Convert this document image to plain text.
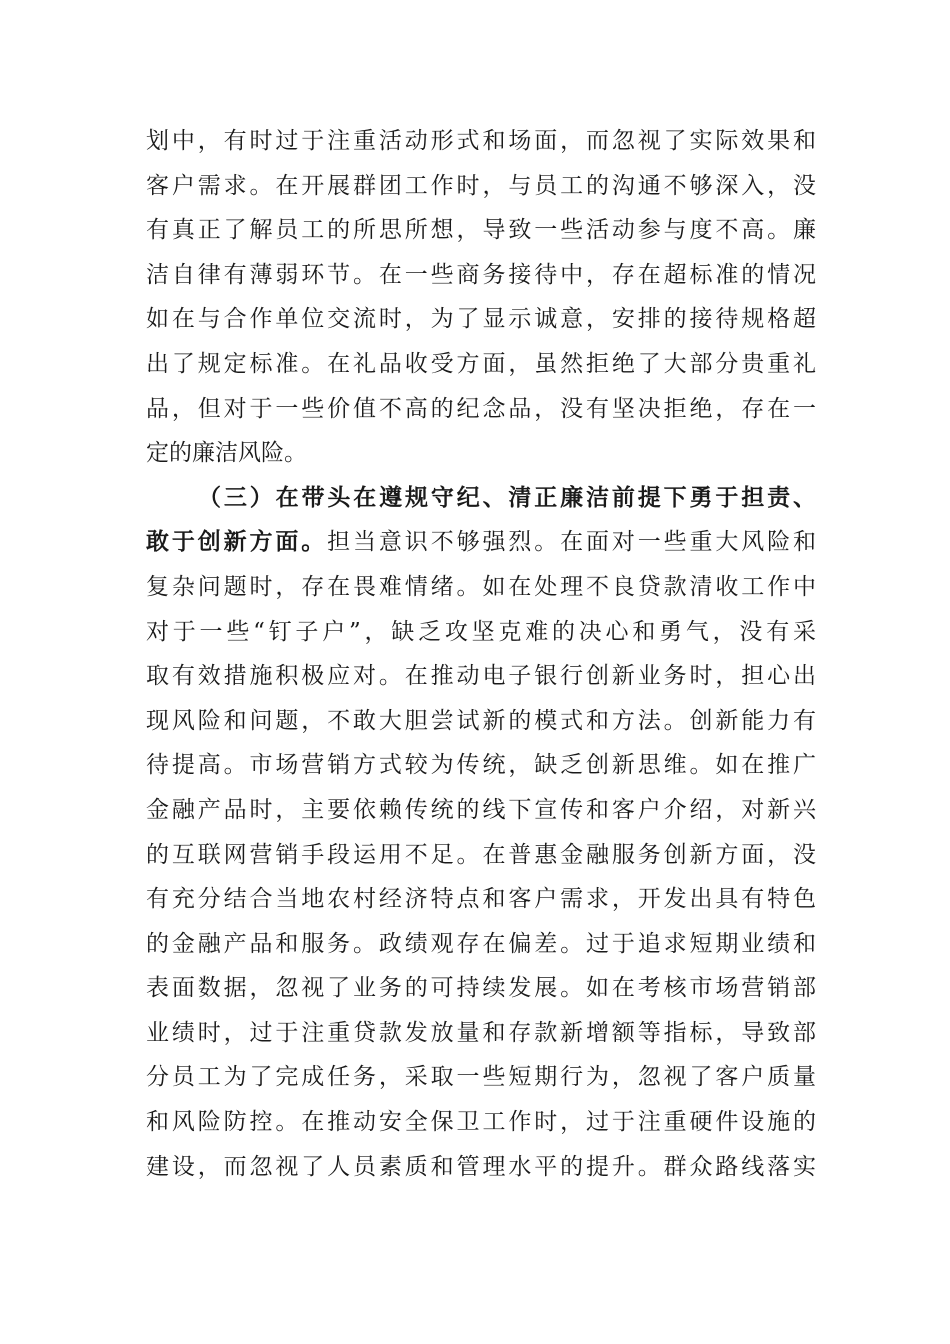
划中，有时过于注重活动形式和场面，而忽视了实际效果和
客户需求。在开展群团工作时，与员工的沟通不够深入，没
有真正了解员工的所思所想，导致一些活动参与度不高。廉
洁自律有薄弱环节。在一些商务接待中，存在超标准的情况
如在与合作单位交流时，为了显示诚意，安排的接待规格超
出了规定标准。在礼品收受方面，虽然拒绝了大部分贵重礼
品，但对于一些价值不高的纪念品，没有坚决拒绝，存在一
定的廉洁风险。
（三）在带头在遵规守纪、清正廉洁前提下勇于担责、
敢于创新方面。担当意识不够强烈。在面对一些重大风险和
复杂问题时，存在畏难情绪。如在处理不良贷款清收工作中
对于一些“钉子户”，缺乏攻坚克难的决心和勇气，没有采
取有效措施积极应对。在推动电子银行创新业务时，担心出
现风险和问题，不敢大胆尝试新的模式和方法。创新能力有
待提高。市场营销方式较为传统，缺乏创新思维。如在推广
金融产品时，主要依赖传统的线下宣传和客户介绍，对新兴
的互联网营销手段运用不足。在普惠金融服务创新方面，没
有充分结合当地农村经济特点和客户需求，开发出具有特色
的金融产品和服务。政绩观存在偏差。过于追求短期业绩和
表面数据，忽视了业务的可持续发展。如在考核市场营销部
业绩时，过于注重贷款发放量和存款新增额等指标，导致部
分员工为了完成任务，采取一些短期行为，忽视了客户质量
和风险防控。在推动安全保卫工作时，过于注重硬件设施的
建设，而忽视了人员素质和管理水平的提升。群众路线落实
